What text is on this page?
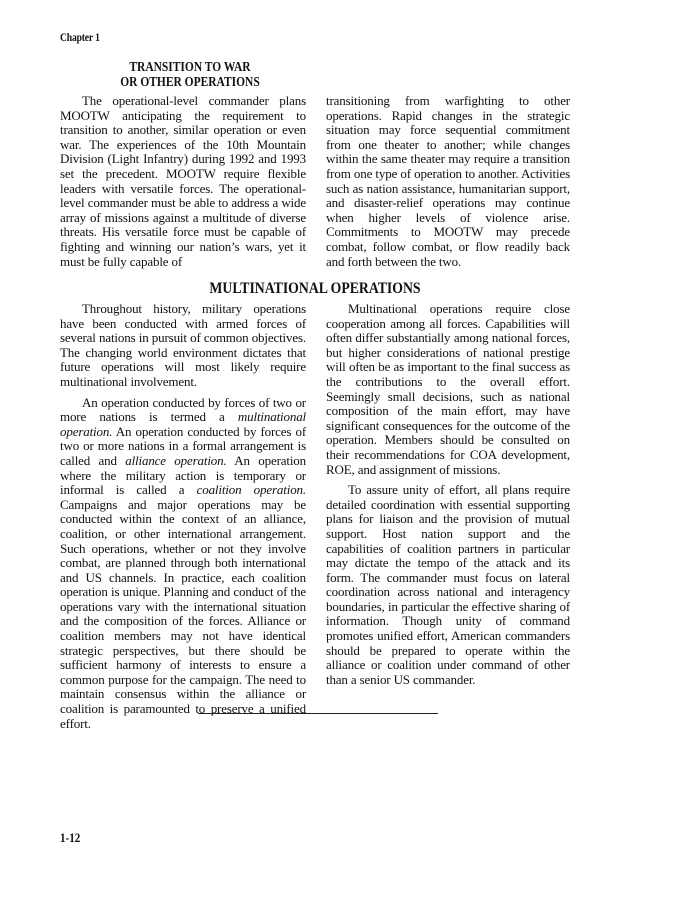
Chapter 1
TRANSITION TO WAR
OR OTHER OPERATIONS

The operational-level commander plans MOOTW anticipating the requirement to transition to another, similar operation or even war. The experiences of the 10th Mountain Division (Light Infantry) during 1992 and 1993 set the precedent. MOOTW require flexible leaders with versatile forces. The operational-level commander must be able to address a wide array of missions against a multitude of diverse threats. His versatile force must be capable of fighting and winning our nation’s wars, yet it must be fully capable of

transitioning from warfighting to other operations. Rapid changes in the strategic situation may force sequential commitment from one theater to another; while changes within the same theater may require a transition from one type of operation to another. Activities such as nation assistance, humanitarian support, and disaster-relief operations may continue when higher levels of violence arise. Commitments to MOOTW may precede combat, follow combat, or flow readily back and forth between the two.

MULTINATIONAL OPERATIONS

Throughout history, military operations have been conducted with armed forces of several nations in pursuit of common objectives. The changing world environment dictates that future operations will most likely require multinational involvement.

An operation conducted by forces of two or more nations is termed a multinational operation. An operation conducted by forces of two or more nations in a formal arrangement is called and alliance operation. An operation where the military action is temporary or informal is called a coalition operation. Campaigns and major operations may be conducted within the context of an alliance, coalition, or other international arrangement. Such operations, whether or not they involve combat, are planned through both international and US channels. In practice, each coalition operation is unique. Planning and conduct of the operations vary with the international situation and the composition of the forces. Alliance or coalition members may not have identical strategic perspectives, but there should be sufficient harmony of interests to ensure a common purpose for the campaign. The need to maintain consensus within the alliance or coalition is paramounted to preserve a unified effort.

Multinational operations require close cooperation among all forces. Capabilities will often differ substantially among national forces, but higher considerations of national prestige will often be as important to the final success as the contributions to the overall effort. Seemingly small decisions, such as national composition of the main effort, may have significant consequences for the outcome of the operation. Members should be consulted on their recommendations for COA development, ROE, and assignment of missions.

To assure unity of effort, all plans require detailed coordination with essential supporting plans for liaison and the provision of mutual support. Host nation support and the capabilities of coalition partners in particular may dictate the tempo of the attack and its form. The commander must focus on lateral coordination across national and interagency boundaries, in particular the effective sharing of information. Though unity of command promotes unified effort, American commanders should be prepared to operate within the alliance or coalition under command of other than a senior US commander.

1-12
